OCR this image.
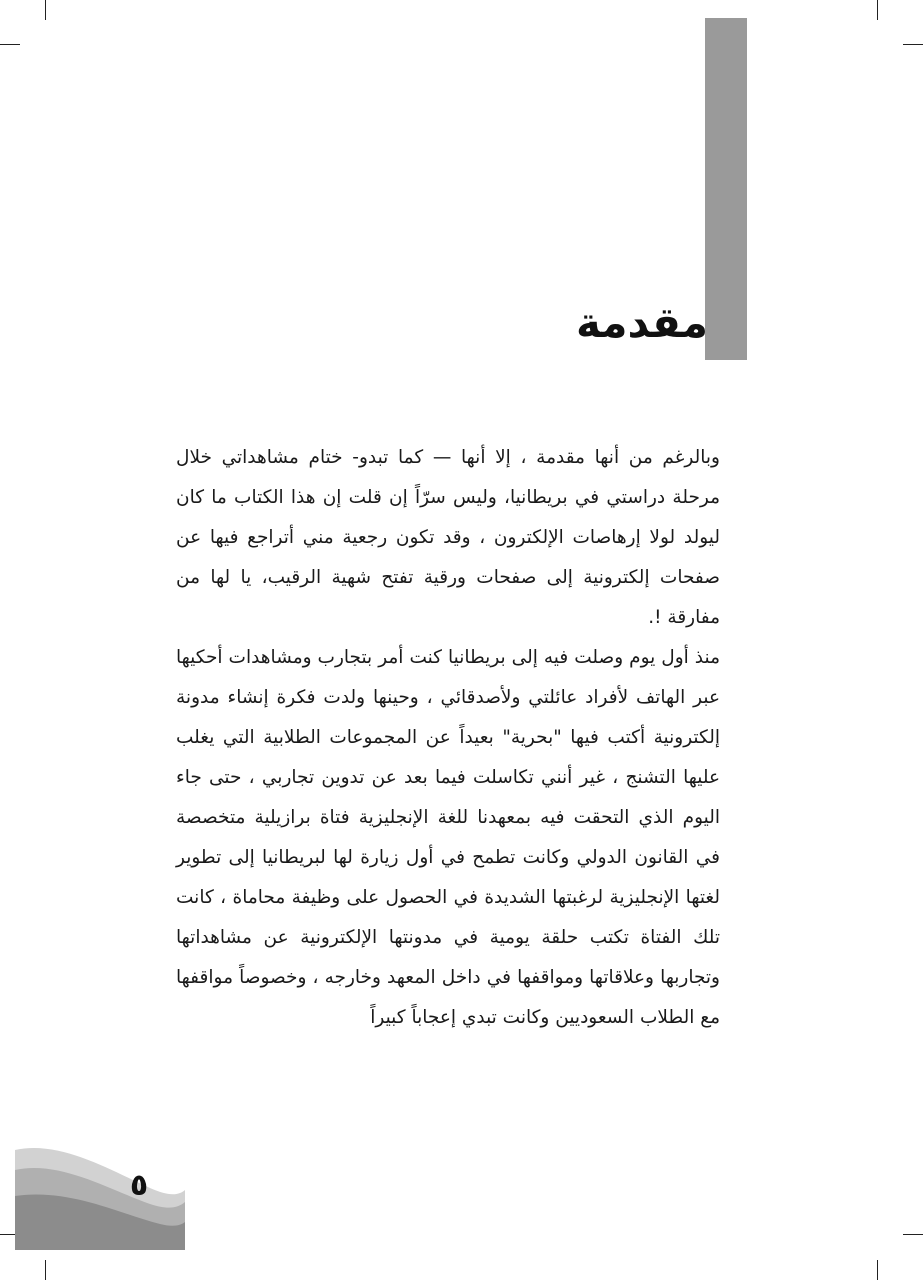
مقدمة

وبالرغم من أنها مقدمة ، إلا أنها — كما تبدو- ختام مشاهداتي خلال مرحلة دراستي في بريطانيا، وليس سرّاً إن قلت إن هذا الكتاب ما كان ليولد لولا إرهاصات الإلكترون ، وقد تكون رجعية مني أتراجع فيها عن صفحات إلكترونية إلى صفحات ورقية تفتح شهية الرقيب، يا لها من مفارقة !.

منذ أول يوم وصلت فيه إلى بريطانيا كنت أمر بتجارب ومشاهدات أحكيها عبر الهاتف لأفراد عائلتي ولأصدقائي ، وحينها ولدت فكرة إنشاء مدونة إلكترونية أكتب فيها "بحرية" بعيداً عن المجموعات الطلابية التي يغلب عليها التشنج ، غير أنني تكاسلت فيما بعد عن تدوين تجاربي ، حتى جاء اليوم الذي التحقت فيه بمعهدنا للغة الإنجليزية فتاة برازيلية متخصصة في القانون الدولي وكانت تطمح في أول زيارة لها لبريطانيا إلى تطوير لغتها الإنجليزية لرغبتها الشديدة في الحصول على وظيفة محاماة ، كانت تلك الفتاة تكتب حلقة يومية في مدونتها الإلكترونية عن مشاهداتها وتجاربها وعلاقاتها ومواقفها في داخل المعهد وخارجه ، وخصوصاً مواقفها مع الطلاب السعوديين وكانت تبدي إعجاباً كبيراً

٥
